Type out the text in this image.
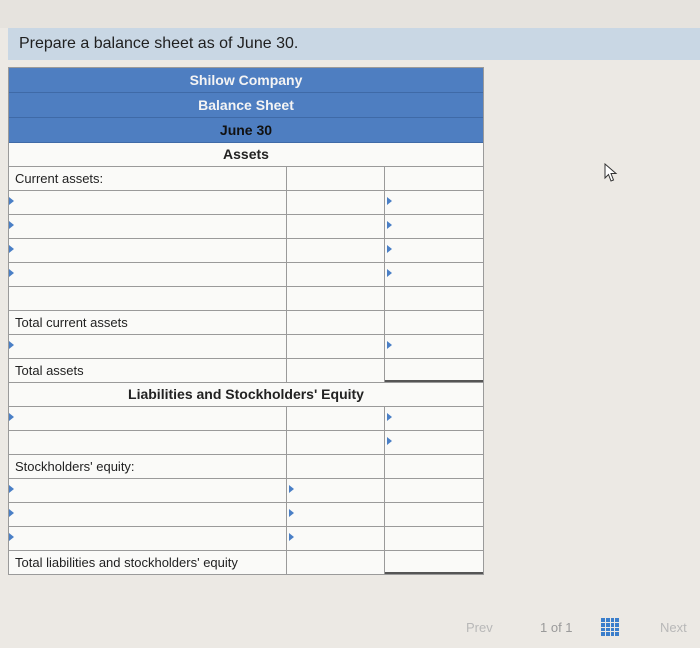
Prepare a balance sheet as of June 30.
Shilow Company
Balance Sheet
June 30
Assets
Current assets:
Total current assets
Total assets
Liabilities and Stockholders' Equity
Stockholders' equity:
Total liabilities and stockholders' equity
Prev	1 of 1	Next
